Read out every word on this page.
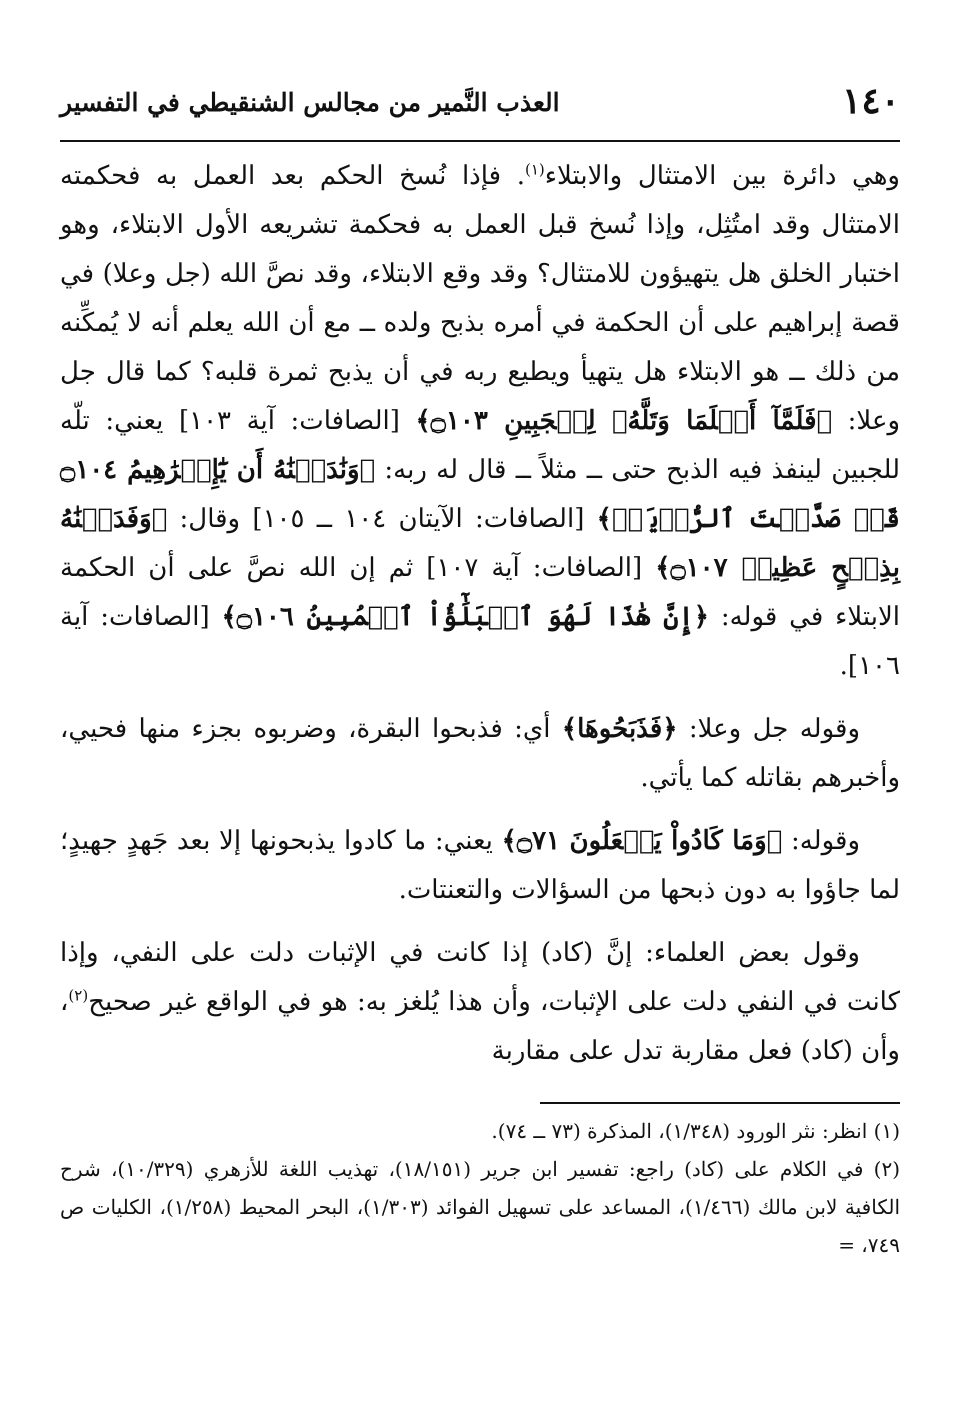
١٤٠
العذب النَّمير من مجالس الشنقيطي في التفسير

وهي دائرة بين الامتثال والابتلاء$^{(١)}$. فإذا نُسخ الحكم بعد العمل به فحكمته الامتثال وقد امتُثِل، وإذا نُسخ قبل العمل به فحكمة تشريعه الأول الابتلاء، وهو اختبار الخلق هل يتهيؤون للامتثال؟ وقد وقع الابتلاء، وقد نصَّ الله (جل وعلا) في قصة إبراهيم على أن الحكمة في أمره بذبح ولده ــ مع أن الله يعلم أنه لا يُمكِّنه من ذلك ــ هو الابتلاء هل يتهيأ ويطيع ربه في أن يذبح ثمرة قلبه؟ كما قال جل وعلا: ﴿فَلَمَّآ أَسۡلَمَا وَتَلَّهُۥ لِلۡجَبِينِ ۝١٠٣﴾ [الصافات: آية ١٠٣] يعني: تلّه للجبين لينفذ فيه الذبح حتى ــ مثلاً ــ قال له ربه: ﴿وَنَٰدَيۡنَٰهُ أَن يَٰٓإِبۡرَٰهِيمُ ۝١٠٤ قَدۡ صَدَّقۡتَ ٱلرُّءۡيَآۚ﴾ [الصافات: الآيتان ١٠٤ ــ ١٠٥] وقال: ﴿وَفَدَيۡنَٰهُ بِذِبۡحٍ عَظِيمٖ ۝١٠٧﴾ [الصافات: آية ١٠٧] ثم إن الله نصَّ على أن الحكمة الابتلاء في قوله: ﴿إِنَّ هَٰذَا لَهُوَ ٱلۡبَلَٰٓؤُاْ ٱلۡمُبِينُ ۝١٠٦﴾ [الصافات: آية ١٠٦].

وقوله جل وعلا: ﴿فَذَبَحُوهَا﴾ أي: فذبحوا البقرة، وضربوه بجزء منها فحيي، وأخبرهم بقاتله كما يأتي.

وقوله: ﴿وَمَا كَادُواْ يَفۡعَلُونَ ۝٧١﴾ يعني: ما كادوا يذبحونها إلا بعد جَهدٍ جهيدٍ؛ لما جاؤوا به دون ذبحها من السؤالات والتعنتات.

وقول بعض العلماء: إنَّ (كاد) إذا كانت في الإثبات دلت على النفي، وإذا كانت في النفي دلت على الإثبات، وأن هذا يُلغز به: هو في الواقع غير صحيح$^{(٢)}$، وأن (كاد) فعل مقاربة تدل على مقاربة

(١) انظر: نثر الورود (١/٣٤٨)، المذكرة (٧٣ ــ ٧٤).

(٢) في الكلام على (كاد) راجع: تفسير ابن جرير (١٨/١٥١)، تهذيب اللغة للأزهري (١٠/٣٢٩)، شرح الكافية لابن مالك (١/٤٦٦)، المساعد على تسهيل الفوائد (١/٣٠٣)، البحر المحيط (١/٢٥٨)، الكليات ص ٧٤٩، =
